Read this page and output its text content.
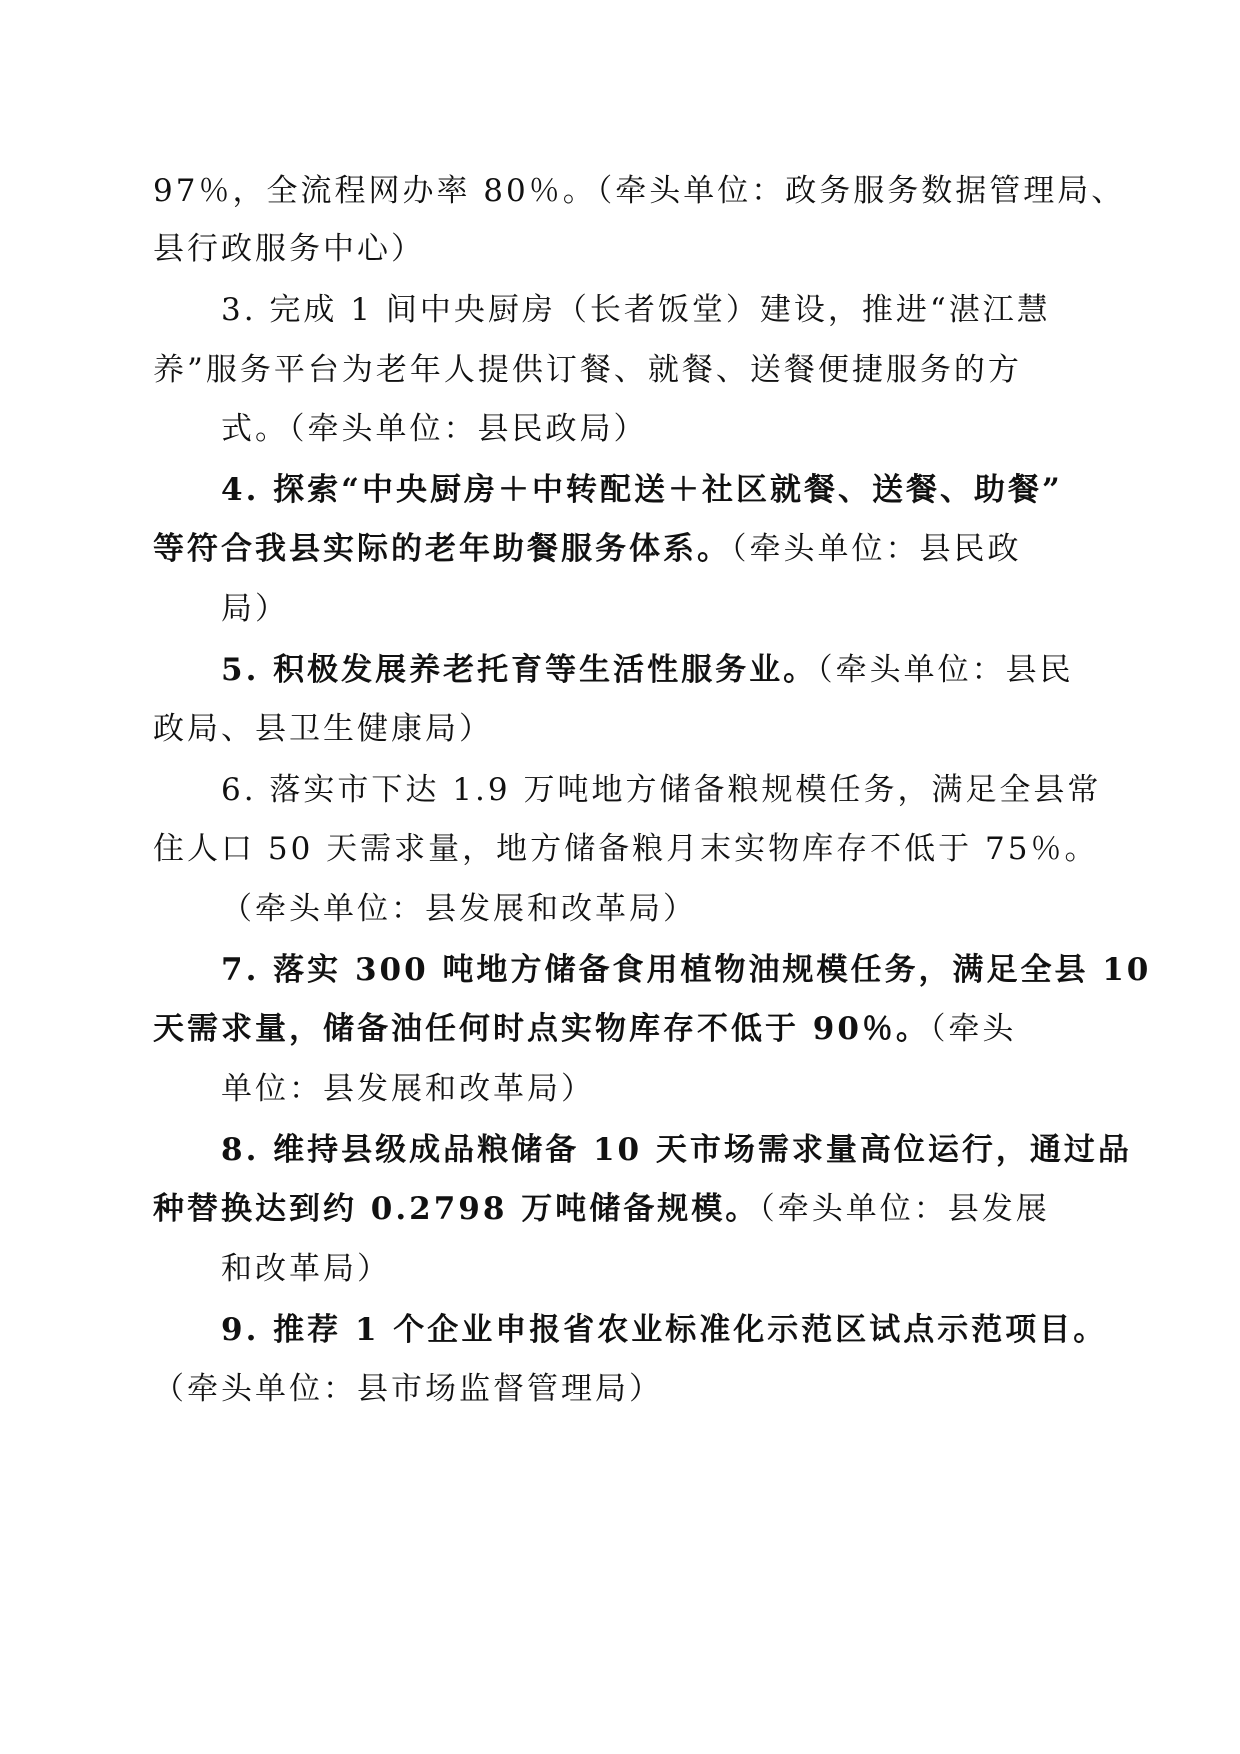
97％，全流程网办率 80％。（牵头单位：政务服务数据管理局、
县行政服务中心）
3. 完成 1 间中央厨房（长者饭堂）建设，推进“湛江慧
养”服务平台为老年人提供订餐、就餐、送餐便捷服务的方
式。（牵头单位：县民政局）
4. 探索“中央厨房＋中转配送＋社区就餐、送餐、助餐”
等符合我县实际的老年助餐服务体系。（牵头单位：县民政
局）
5. 积极发展养老托育等生活性服务业。（牵头单位：县民
政局、县卫生健康局）
6. 落实市下达 1.9 万吨地方储备粮规模任务，满足全县常
住人口 50 天需求量，地方储备粮月末实物库存不低于 75％。
（牵头单位：县发展和改革局）
7. 落实 300 吨地方储备食用植物油规模任务，满足全县 10
天需求量，储备油任何时点实物库存不低于 90％。（牵头
单位：县发展和改革局）
8. 维持县级成品粮储备 10 天市场需求量高位运行，通过品
种替换达到约 0.2798 万吨储备规模。（牵头单位：县发展
和改革局）
9. 推荐 1 个企业申报省农业标准化示范区试点示范项目。
（牵头单位：县市场监督管理局）
